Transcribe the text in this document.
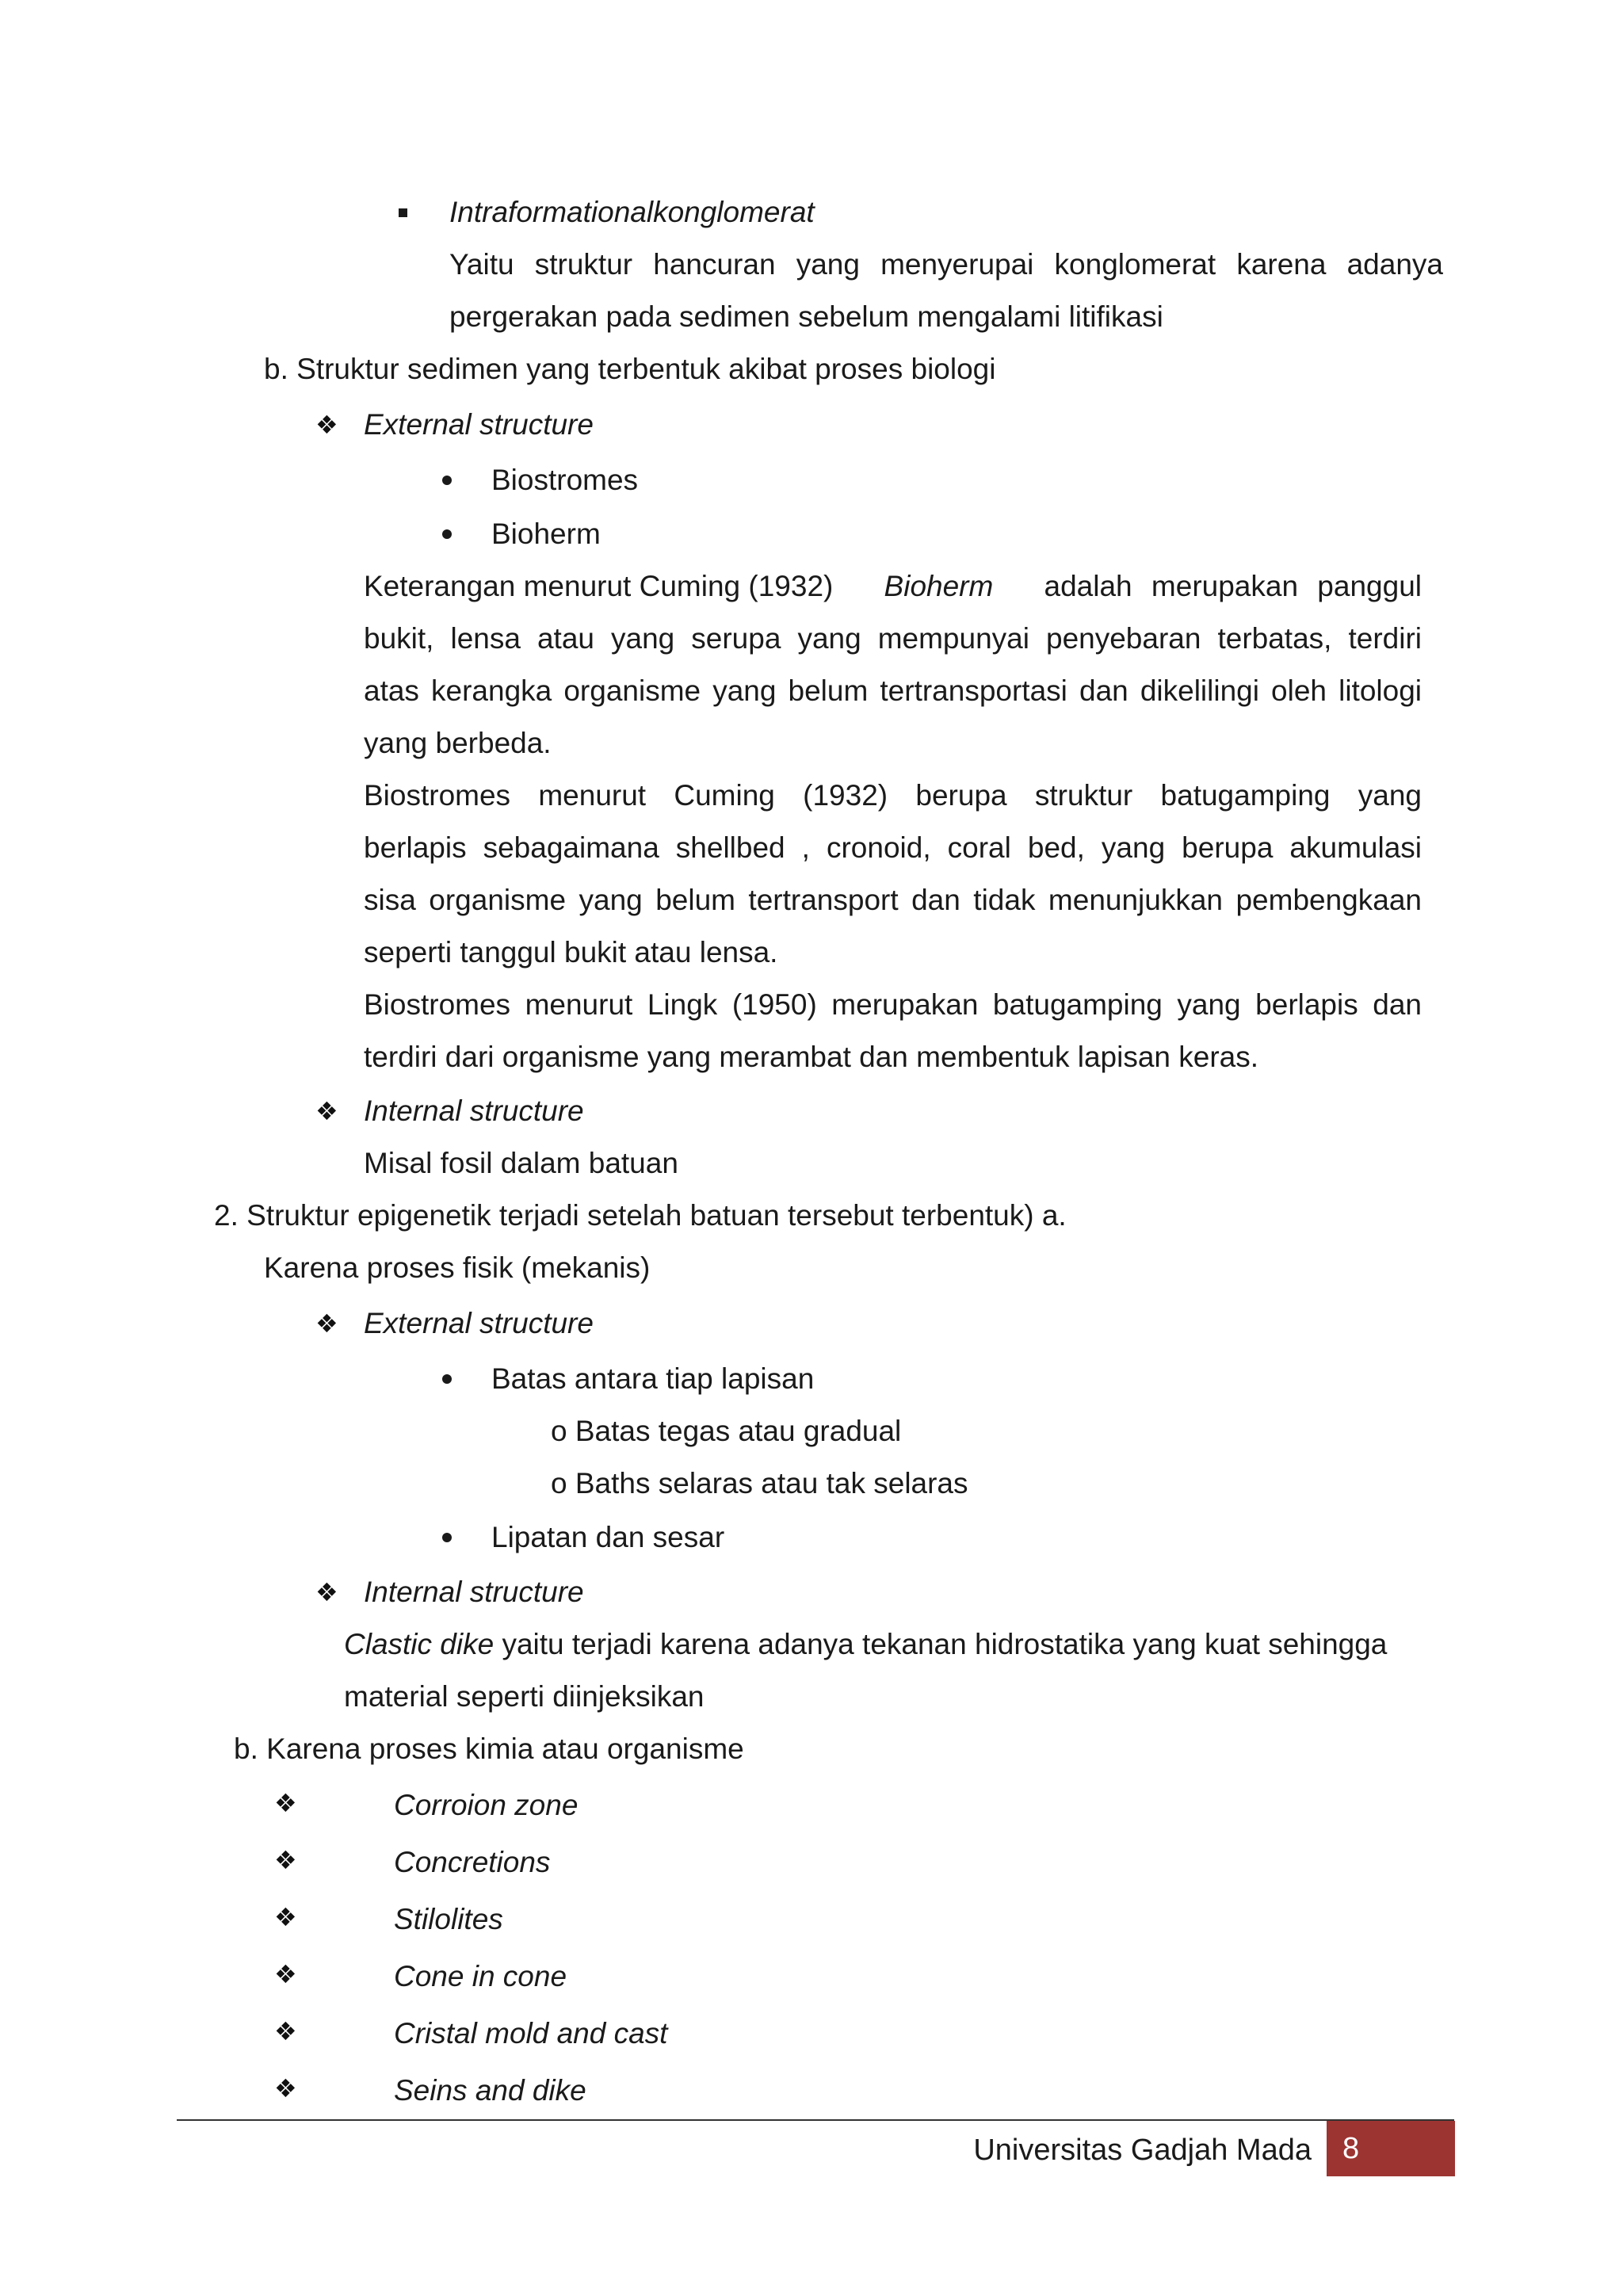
Intraformationalkonglomerat
Yaitu struktur hancuran yang menyerupai konglomerat karena adanya
pergerakan pada sedimen sebelum mengalami litifikasi
b. Struktur sedimen yang terbentuk akibat proses biologi
❖ External structure
Biostromes
Bioherm
Keterangan menurut Cuming (1932) Bioherm adalah merupakan panggul
bukit, lensa atau yang serupa yang mempunyai penyebaran terbatas, terdiri
atas kerangka organisme yang belum tertransportasi dan dikelilingi oleh litologi
yang berbeda.
Biostromes menurut Cuming (1932) berupa struktur batugamping yang
berlapis sebagaimana shellbed , cronoid, coral bed, yang berupa akumulasi
sisa organisme yang belum tertransport dan tidak menunjukkan pembengkaan
seperti tanggul bukit atau lensa.
Biostromes menurut Lingk (1950) merupakan batugamping yang berlapis dan
terdiri dari organisme yang merambat dan membentuk lapisan keras.
❖ Internal structure
Misal fosil dalam batuan
2. Struktur epigenetik terjadi setelah batuan tersebut terbentuk) a.
Karena proses fisik (mekanis)
❖ External structure
Batas antara tiap lapisan
o Batas tegas atau gradual
o Baths selaras atau tak selaras
Lipatan dan sesar
❖ Internal structure
Clastic dike yaitu terjadi karena adanya tekanan hidrostatika yang kuat sehingga
material seperti diinjeksikan
b. Karena proses kimia atau organisme
❖	Corroion zone
❖	Concretions
❖	Stilolites
❖	Cone in cone
❖	Cristal mold and cast
❖	Seins and dike
Universitas Gadjah Mada	8
